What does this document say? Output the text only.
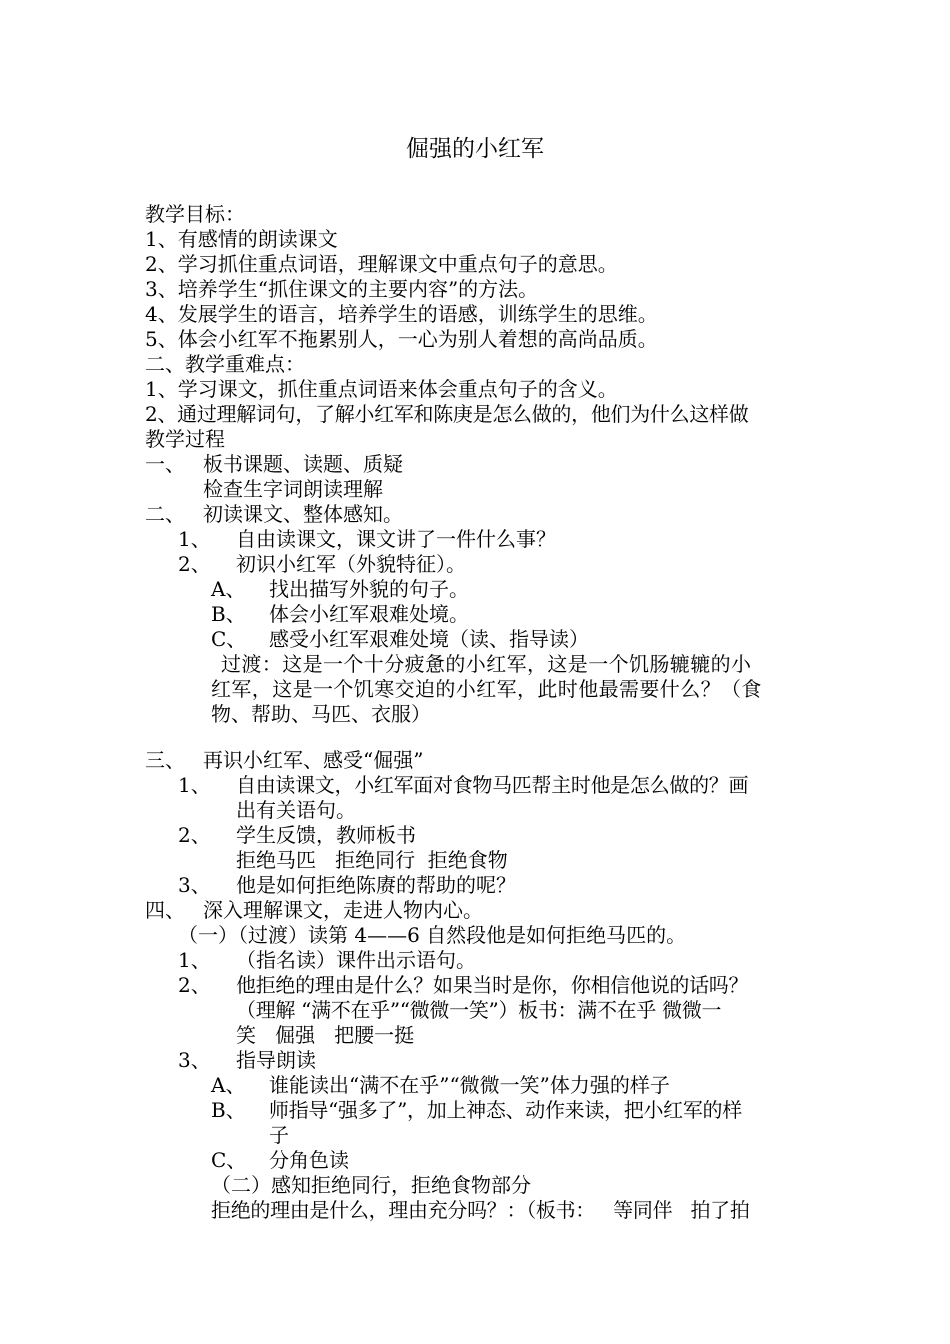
倔强的小红军
教学目标：
1、有感情的朗读课文
2、学习抓住重点词语，理解课文中重点句子的意思。
3、培养学生“抓住课文的主要内容”的方法。
4、发展学生的语言，培养学生的语感，训练学生的思维。
5、体会小红军不拖累别人，一心为别人着想的高尚品质。
二、教学重难点：
1、学习课文，抓住重点词语来体会重点句子的含义。
2、通过理解词句，了解小红军和陈庚是怎么做的，他们为什么这样做
教学过程
一、 板书课题、读题、质疑
检查生字词朗读理解
二、 初读课文、整体感知。
1、 自由读课文，课文讲了一件什么事？
2、 初识小红军（外貌特征）。
A、 找出描写外貌的句子。
B、 体会小红军艰难处境。
C、 感受小红军艰难处境（读、指导读）
过渡：这是一个十分疲惫的小红军，这是一个饥肠辘辘的小
红军，这是一个饥寒交迫的小红军，此时他最需要什么？（食
物、帮助、马匹、衣服）
三、 再识小红军、感受“倔强”
1、 自由读课文，小红军面对食物马匹帮主时他是怎么做的？画
出有关语句。
2、 学生反馈，教师板书
拒绝马匹   拒绝同行  拒绝食物
3、 他是如何拒绝陈赓的帮助的呢？
四、 深入理解课文，走进人物内心。
（一）（过渡）读第 4——6 自然段他是如何拒绝马匹的。
1、 （指名读）课件出示语句。
2、 他拒绝的理由是什么？如果当时是你，你相信他说的话吗？
（理解 “满不在乎”“微微一笑”）板书：满不在乎 微微一
笑   倔强   把腰一挺
3、 指导朗读
A、 谁能读出“满不在乎”“微微一笑”体力强的样子
B、 师指导“强多了”，加上神态、动作来读，把小红军的样
子
C、 分角色读
（二）感知拒绝同行，拒绝食物部分
拒绝的理由是什么，理由充分吗？：（板书：   等同伴   拍了拍
